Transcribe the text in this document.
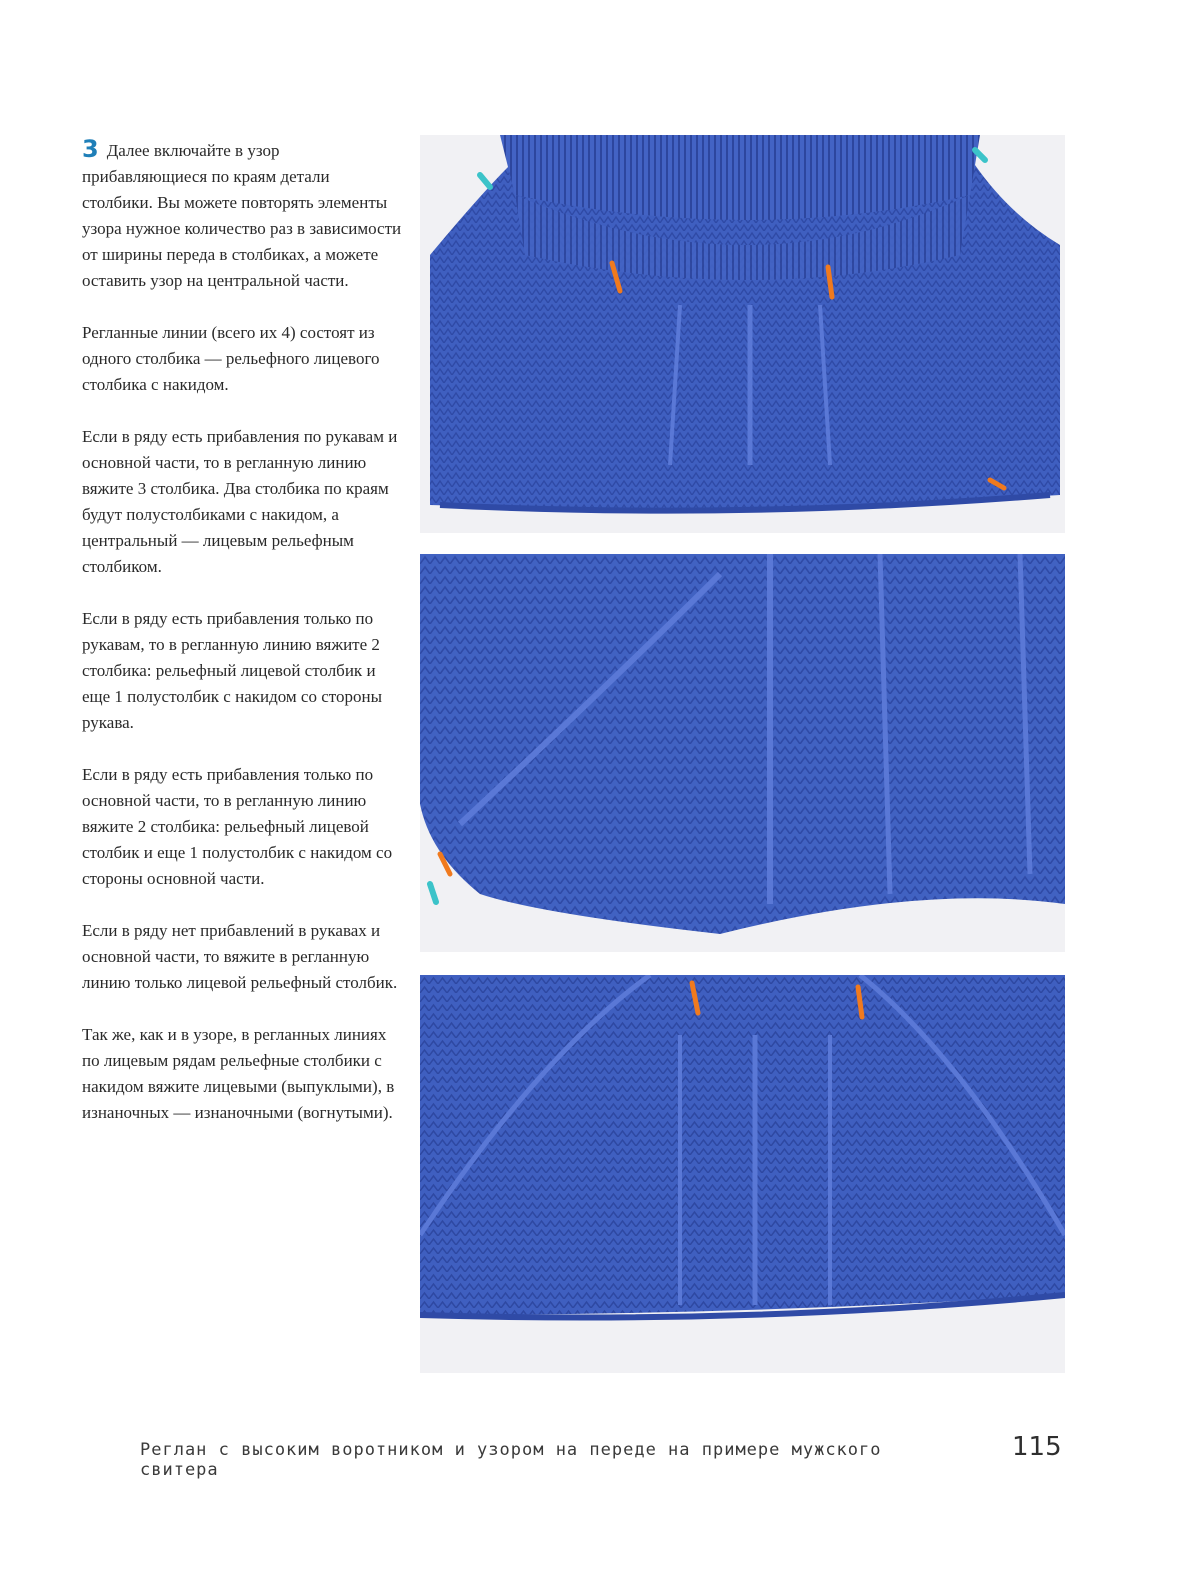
3 Далее включайте в узор прибавляющиеся по краям детали столбики. Вы можете повторять элементы узора нужное количество раз в зависимости от ширины переда в столбиках, а можете оставить узор на центральной части.

Регланные линии (всего их 4) состоят из одного столбика — рельефного лицевого столбика с накидом.

Если в ряду есть прибавления по рукавам и основной части, то в регланную линию вяжите 3 столбика. Два столбика по краям будут полустолбиками с накидом, а центральный — лицевым рельефным столбиком.

Если в ряду есть прибавления только по рукавам, то в регланную линию вяжите 2 столбика: рельефный лицевой столбик и еще 1 полустолбик с накидом со стороны рукава.

Если в ряду есть прибавления только по основной части, то в регланную линию вяжите 2 столбика: рельефный лицевой столбик и еще 1 полустолбик с накидом со стороны основной части.

Если в ряду нет прибавлений в рукавах и основной части, то вяжите в регланную линию только лицевой рельефный столбик.

Так же, как и в узоре, в регланных линиях по лицевым рядам рельефные столбики с накидом вяжите лицевыми (выпуклыми), в изнаночных — изнаночными (вогнутыми).

Реглан с высоким воротником и узором на переде на примере мужского свитера
115
